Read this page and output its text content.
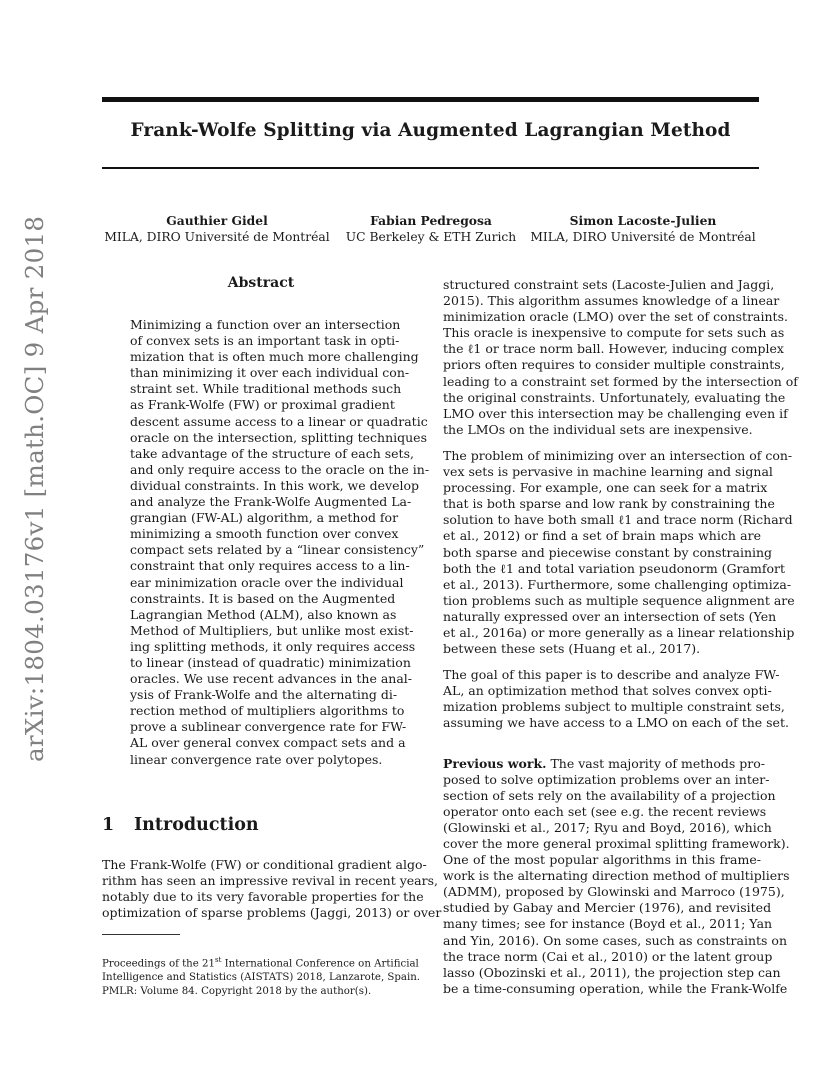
Frank-Wolfe Splitting via Augmented Lagrangian Method
Gauthier Gidel
MILA, DIRO Université de Montréal
Fabian Pedregosa
UC Berkeley & ETH Zurich
Simon Lacoste-Julien
MILA, DIRO Université de Montréal
arXiv:1804.03176v1 [math.OC] 9 Apr 2018	Abstract
Minimizing a function over an intersection
of convex sets is an important task in opti-
mization that is often much more challenging
than minimizing it over each individual con-
straint set. While traditional methods such
as Frank-Wolfe (FW) or proximal gradient
descent assume access to a linear or quadratic
oracle on the intersection, splitting techniques
take advantage of the structure of each sets,
and only require access to the oracle on the in-
dividual constraints. In this work, we develop
and analyze the Frank-Wolfe Augmented La-
grangian (FW-AL) algorithm, a method for
minimizing a smooth function over convex
compact sets related by a “linear consistency”
constraint that only requires access to a lin-
ear minimization oracle over the individual
constraints. It is based on the Augmented
Lagrangian Method (ALM), also known as
Method of Multipliers, but unlike most exist-
ing splitting methods, it only requires access
to linear (instead of quadratic) minimization
oracles. We use recent advances in the anal-
ysis of Frank-Wolfe and the alternating di-
rection method of multipliers algorithms to
prove a sublinear convergence rate for FW-
AL over general convex compact sets and a
linear convergence rate over polytopes.
1 Introduction
The Frank-Wolfe (FW) or conditional gradient algo-
rithm has seen an impressive revival in recent years,
notably due to its very favorable properties for the
optimization of sparse problems (Jaggi, 2013) or over
Proceedings of the 21st International Conference on Artificial Intelligence and Statistics (AISTATS) 2018, Lanzarote, Spain. PMLR: Volume 84. Copyright 2018 by the author(s).
structured constraint sets (Lacoste-Julien and Jaggi,
2015). This algorithm assumes knowledge of a linear
minimization oracle (LMO) over the set of constraints.
This oracle is inexpensive to compute for sets such as
the ℓ1 or trace norm ball. However, inducing complex
priors often requires to consider multiple constraints,
leading to a constraint set formed by the intersection of
the original constraints. Unfortunately, evaluating the
LMO over this intersection may be challenging even if
the LMOs on the individual sets are inexpensive.
The problem of minimizing over an intersection of con-
vex sets is pervasive in machine learning and signal
processing. For example, one can seek for a matrix
that is both sparse and low rank by constraining the
solution to have both small ℓ1 and trace norm (Richard
et al., 2012) or find a set of brain maps which are
both sparse and piecewise constant by constraining
both the ℓ1 and total variation pseudonorm (Gramfort
et al., 2013). Furthermore, some challenging optimiza-
tion problems such as multiple sequence alignment are
naturally expressed over an intersection of sets (Yen
et al., 2016a) or more generally as a linear relationship
between these sets (Huang et al., 2017).
The goal of this paper is to describe and analyze FW-
AL, an optimization method that solves convex opti-
mization problems subject to multiple constraint sets,
assuming we have access to a LMO on each of the set.
Previous work. The vast majority of methods pro-
posed to solve optimization problems over an inter-
section of sets rely on the availability of a projection
operator onto each set (see e.g. the recent reviews
(Glowinski et al., 2017; Ryu and Boyd, 2016), which
cover the more general proximal splitting framework).
One of the most popular algorithms in this frame-
work is the alternating direction method of multipliers
(ADMM), proposed by Glowinski and Marroco (1975),
studied by Gabay and Mercier (1976), and revisited
many times; see for instance (Boyd et al., 2011; Yan
and Yin, 2016). On some cases, such as constraints on
the trace norm (Cai et al., 2010) or the latent group
lasso (Obozinski et al., 2011), the projection step can
be a time-consuming operation, while the Frank-Wolfe
